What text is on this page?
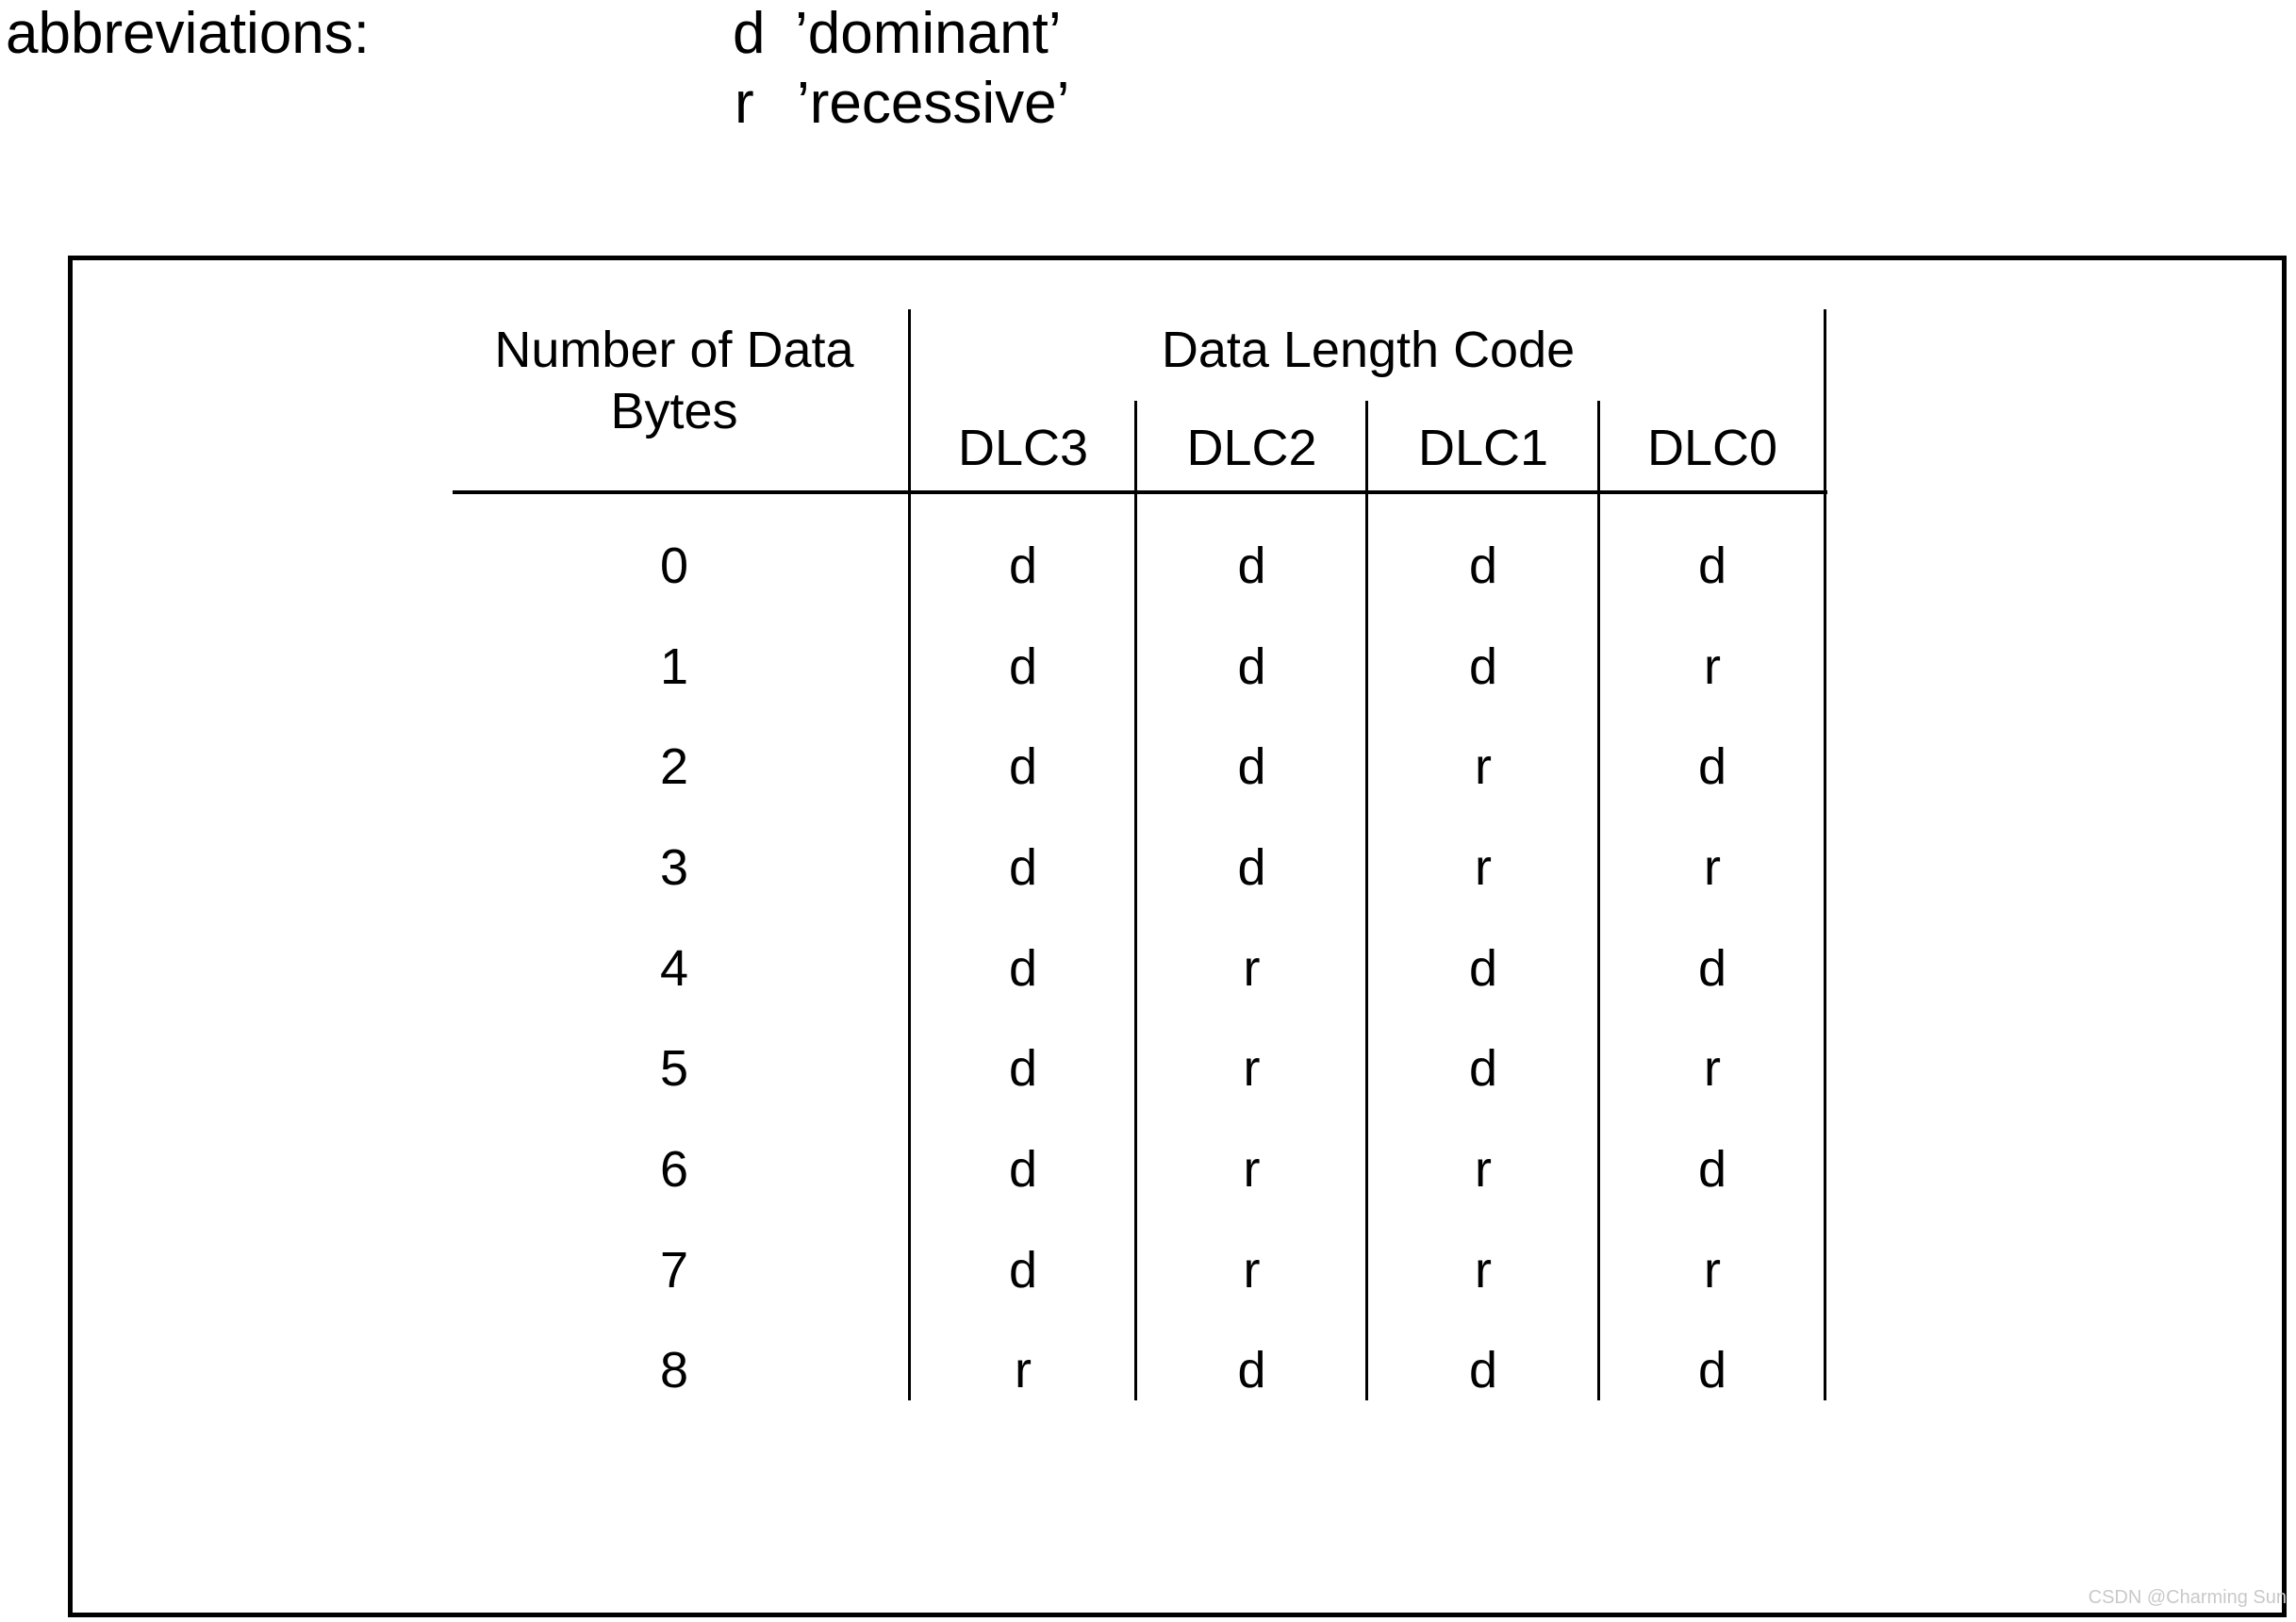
abbreviations:	d ’dominant’
r ’recessive’
Number of Data
Bytes
Data Length Code
DLC3	DLC2	DLC1	DLC0
0	d	d	d	d
1	d	d	d	r
2	d	d	r	d
3	d	d	r	r
4	d	r	d	d
5	d	r	d	r
6	d	r	r	d
7	d	r	r	r
8	r	d	d	d
CSDN @Charming Sun
